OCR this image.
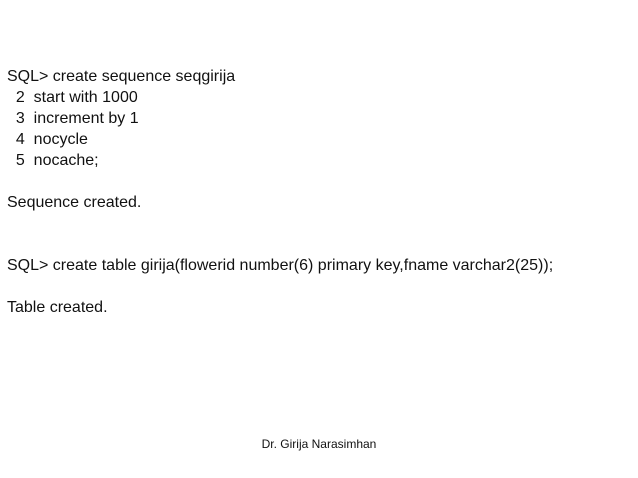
SQL> create sequence seqgirija
2  start with 1000
3  increment by 1
4  nocycle
5  nocache;
Sequence created.
SQL> create table girija(flowerid number(6) primary key,fname varchar2(25));
Table created.
Dr. Girija Narasimhan
